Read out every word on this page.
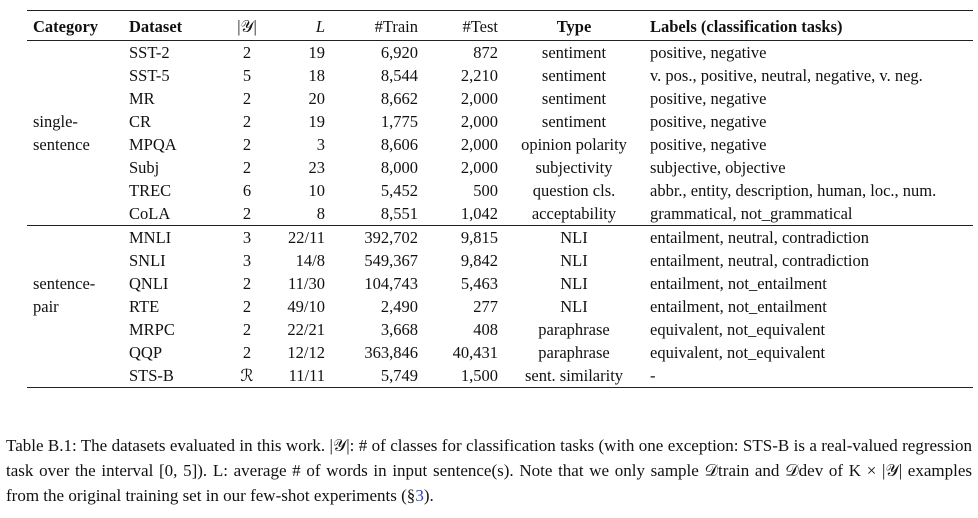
Category	Dataset	|𝒴|	L	#Train	#Test	Type	Labels (classification tasks)
	SST-2	2	19	6,920	872	sentiment	positive, negative
	SST-5	5	18	8,544	2,210	sentiment	v. pos., positive, neutral, negative, v. neg.
	MR	2	20	8,662	2,000	sentiment	positive, negative
single-	CR	2	19	1,775	2,000	sentiment	positive, negative
sentence	MPQA	2	3	8,606	2,000	opinion polarity	positive, negative
	Subj	2	23	8,000	2,000	subjectivity	subjective, objective
	TREC	6	10	5,452	500	question cls.	abbr., entity, description, human, loc., num.
	CoLA	2	8	8,551	1,042	acceptability	grammatical, not_grammatical
	MNLI	3	22/11	392,702	9,815	NLI	entailment, neutral, contradiction
	SNLI	3	14/8	549,367	9,842	NLI	entailment, neutral, contradiction
sentence-	QNLI	2	11/30	104,743	5,463	NLI	entailment, not_entailment
pair	RTE	2	49/10	2,490	277	NLI	entailment, not_entailment
	MRPC	2	22/21	3,668	408	paraphrase	equivalent, not_equivalent
	QQP	2	12/12	363,846	40,431	paraphrase	equivalent, not_equivalent
	STS-B	ℛ	11/11	5,749	1,500	sent. similarity	-
Table B.1: The datasets evaluated in this work. |𝒴|: # of classes for classification tasks (with one exception: STS-B is a real-valued regression task over the interval [0, 5]). L: average # of words in input sentence(s). Note that we only sample 𝒟train and 𝒟dev of K × |𝒴| examples from the original training set in our few-shot experiments (§3).
